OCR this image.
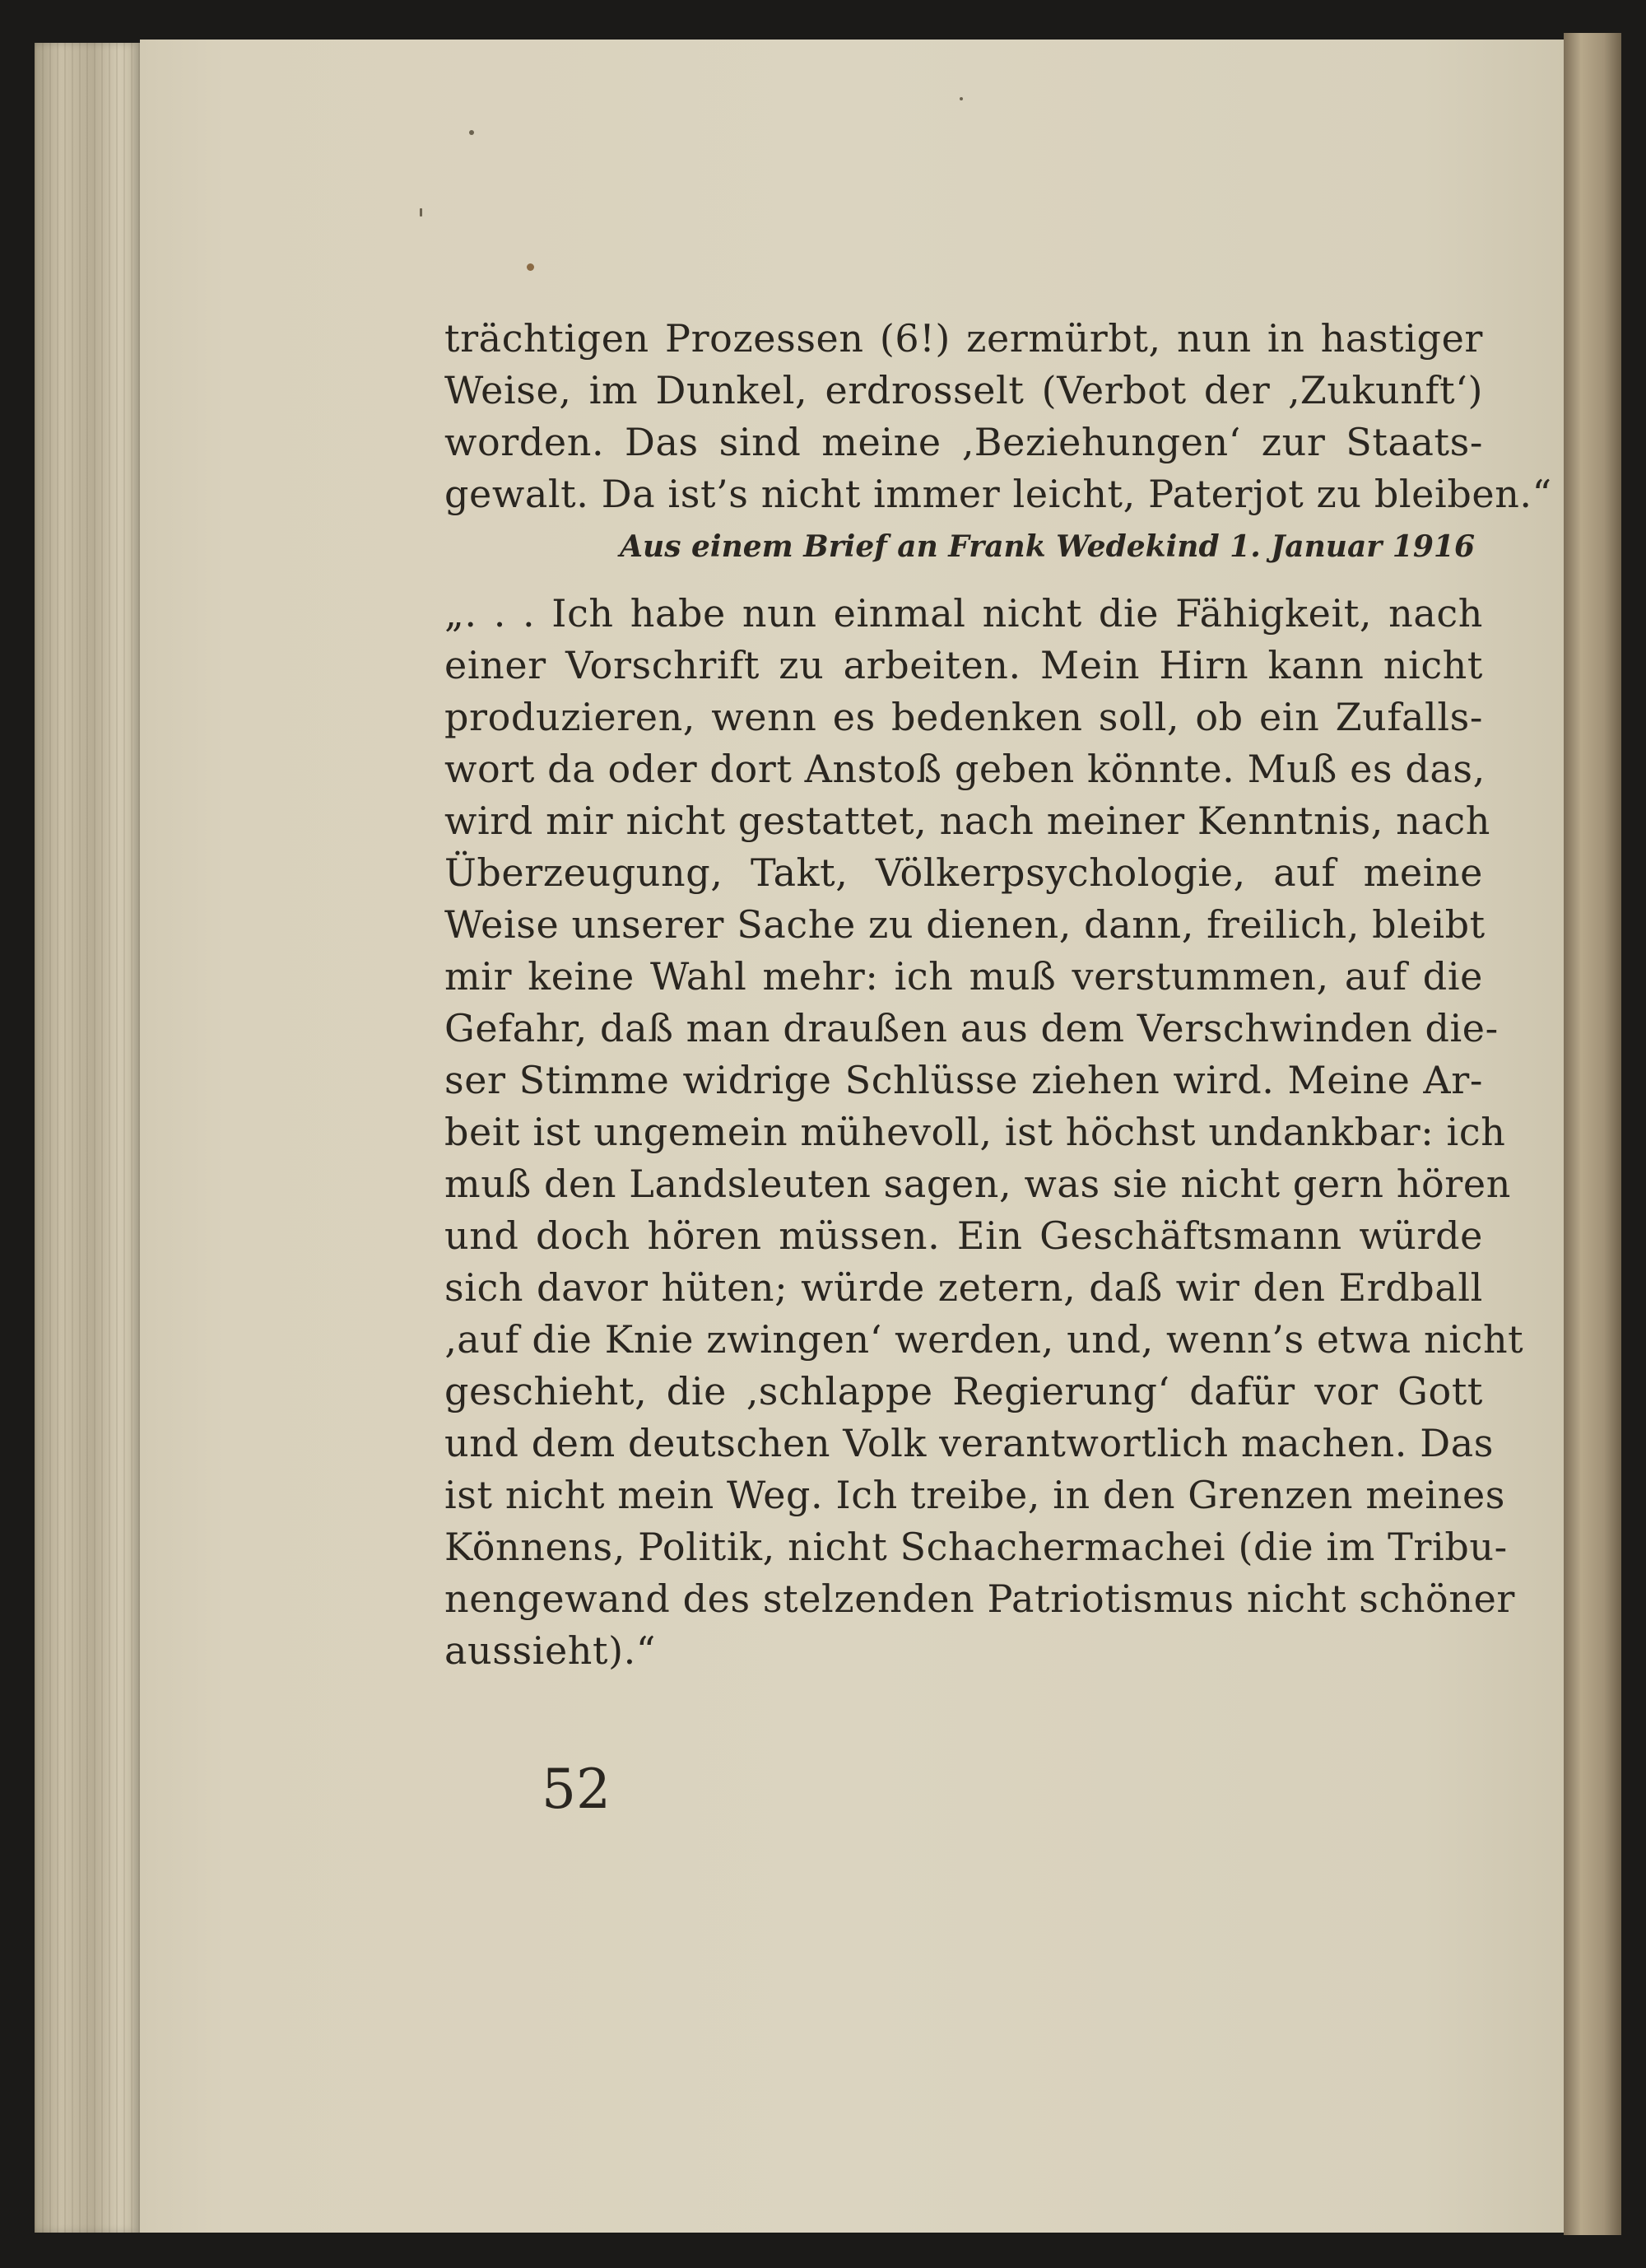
trächtigen Prozessen (6!) zermürbt, nun in hastiger
Weise, im Dunkel, erdrosselt (Verbot der ‚Zukunft‘)
worden. Das sind meine ‚Beziehungen‘ zur Staats-
gewalt. Da ist’s nicht immer leicht, Paterjot zu bleiben.“
Aus einem Brief an Frank Wedekind 1. Januar 1916
„. . . Ich habe nun einmal nicht die Fähigkeit, nach
einer Vorschrift zu arbeiten. Mein Hirn kann nicht
produzieren, wenn es bedenken soll, ob ein Zufalls-
wort da oder dort Anstoß geben könnte. Muß es das,
wird mir nicht gestattet, nach meiner Kenntnis, nach
Überzeugung, Takt, Völkerpsychologie, auf meine
Weise unserer Sache zu dienen, dann, freilich, bleibt
mir keine Wahl mehr: ich muß verstummen, auf die
Gefahr, daß man draußen aus dem Verschwinden die-
ser Stimme widrige Schlüsse ziehen wird. Meine Ar-
beit ist ungemein mühevoll, ist höchst undankbar: ich
muß den Landsleuten sagen, was sie nicht gern hören
und doch hören müssen. Ein Geschäftsmann würde
sich davor hüten; würde zetern, daß wir den Erdball
‚auf die Knie zwingen‘ werden, und, wenn’s etwa nicht
geschieht, die ‚schlappe Regierung‘ dafür vor Gott
und dem deutschen Volk verantwortlich machen. Das
ist nicht mein Weg. Ich treibe, in den Grenzen meines
Könnens, Politik, nicht Schachermachei (die im Tribu-
nengewand des stelzenden Patriotismus nicht schöner
aussieht).“
52
